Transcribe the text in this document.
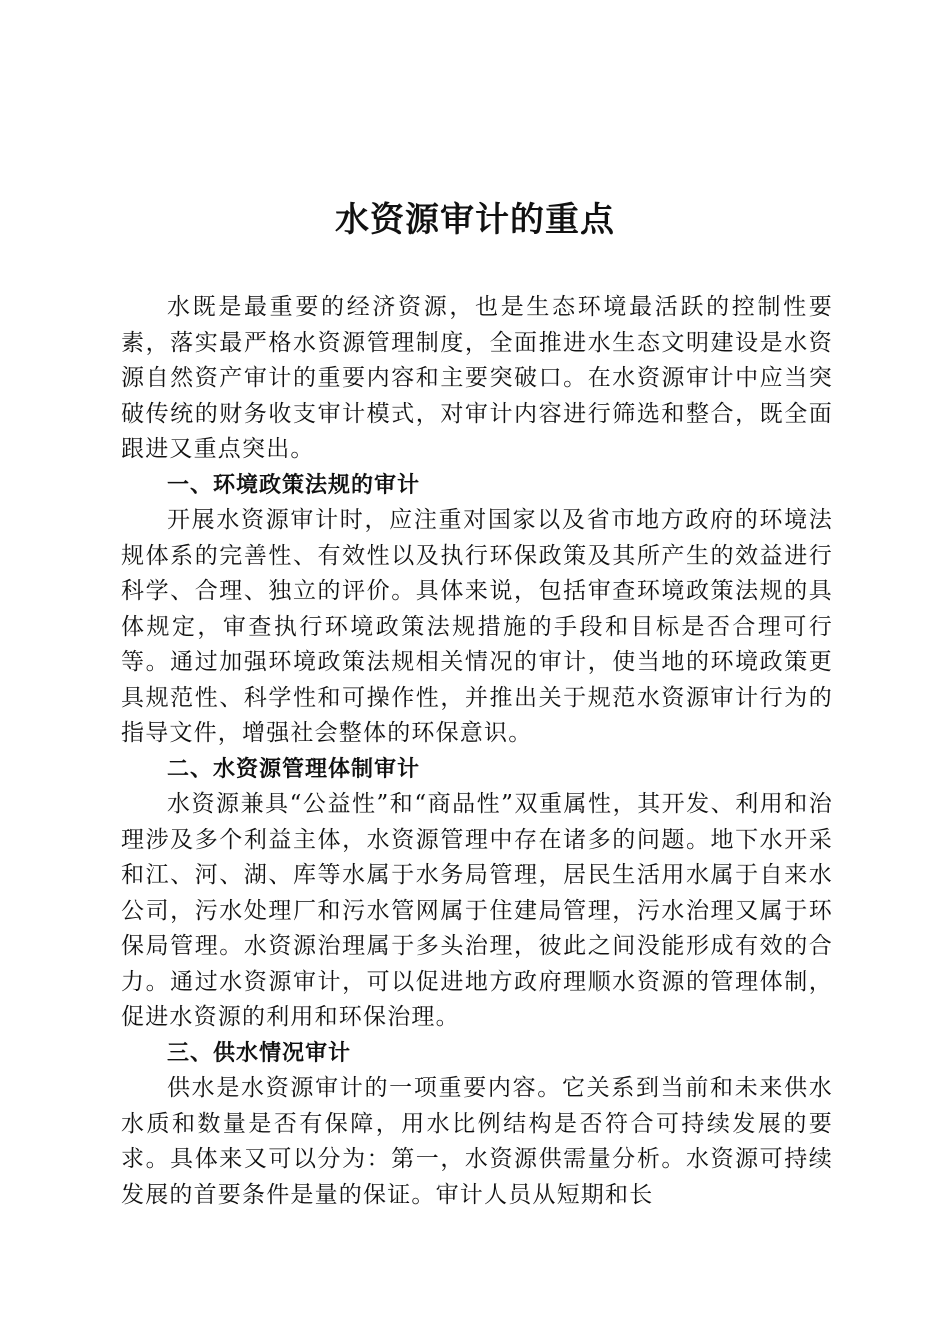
水资源审计的重点

水既是最重要的经济资源，也是生态环境最活跃的控制性要素，落实最严格水资源管理制度，全面推进水生态文明建设是水资源自然资产审计的重要内容和主要突破口。在水资源审计中应当突破传统的财务收支审计模式，对审计内容进行筛选和整合，既全面跟进又重点突出。

一、环境政策法规的审计

开展水资源审计时，应注重对国家以及省市地方政府的环境法规体系的完善性、有效性以及执行环保政策及其所产生的效益进行科学、合理、独立的评价。具体来说，包括审查环境政策法规的具体规定，审查执行环境政策法规措施的手段和目标是否合理可行等。通过加强环境政策法规相关情况的审计，使当地的环境政策更具规范性、科学性和可操作性，并推出关于规范水资源审计行为的指导文件，增强社会整体的环保意识。

二、水资源管理体制审计

水资源兼具“公益性”和“商品性”双重属性，其开发、利用和治理涉及多个利益主体，水资源管理中存在诸多的问题。地下水开采和江、河、湖、库等水属于水务局管理，居民生活用水属于自来水公司，污水处理厂和污水管网属于住建局管理，污水治理又属于环保局管理。水资源治理属于多头治理，彼此之间没能形成有效的合力。通过水资源审计，可以促进地方政府理顺水资源的管理体制，促进水资源的利用和环保治理。

三、供水情况审计

供水是水资源审计的一项重要内容。它关系到当前和未来供水水质和数量是否有保障，用水比例结构是否符合可持续发展的要求。具体来又可以分为：第一，水资源供需量分析。水资源可持续发展的首要条件是量的保证。审计人员从短期和长
